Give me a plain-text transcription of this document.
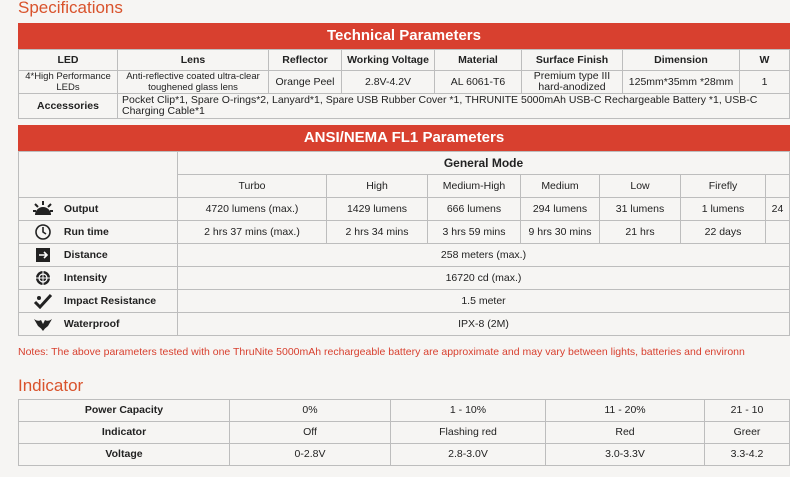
Specifications
Technical Parameters
LED	Lens	Reflector	Working Voltage	Material	Surface Finish	Dimension	W
4*High Performance LEDs	Anti-reflective coated ultra-clear toughened glass lens	Orange Peel	2.8V-4.2V	AL 6061-T6	Premium type III hard-anodized	125mm*35mm *28mm	1
Accessories	Pocket Clip*1, Spare O-rings*2, Lanyard*1, Spare USB Rubber Cover *1, THRUNITE 5000mAh USB-C Rechargeable Battery *1, USB-C Charging Cable*1						
ANSI/NEMA FL1 Parameters
	General Mode						
	Turbo	High	Medium-High	Medium	Low	Firefly	
Output	4720 lumens (max.)	1429 lumens	666 lumens	294 lumens	31 lumens	1 lumens	24
Run time	2 hrs 37 mins (max.)	2 hrs 34 mins	3 hrs 59 mins	9 hrs 30 mins	21 hrs	22 days	
Distance	258 meters (max.)						
Intensity	16720 cd (max.)						
Impact Resistance	1.5 meter						
Waterproof	IPX-8 (2M)						
Notes: The above parameters tested with one ThruNite 5000mAh rechargeable battery are approximate and may vary between lights, batteries and environn
Indicator
Power Capacity	0%	1 - 10%	11 - 20%	21 - 10
Indicator	Off	Flashing red	Red	Greer
Voltage	0-2.8V	2.8-3.0V	3.0-3.3V	3.3-4.2
